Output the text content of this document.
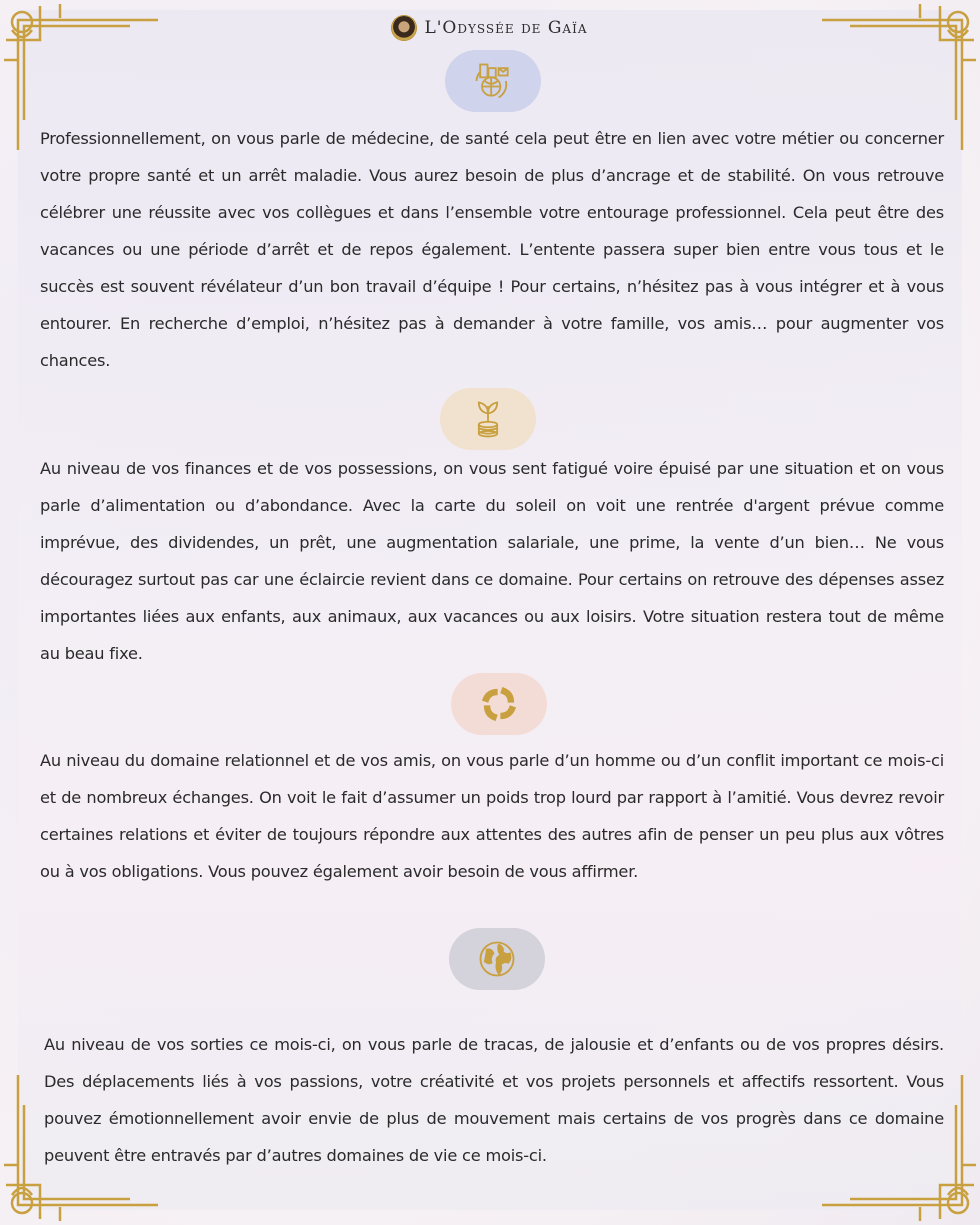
L'Odyssée de Gaïa
Professionnellement, on vous parle de médecine, de santé cela peut être en lien avec votre métier ou concerner votre propre santé et un arrêt maladie. Vous aurez besoin de plus d’ancrage et de stabilité. On vous retrouve célébrer une réussite avec vos collègues et dans l’ensemble votre entourage professionnel. Cela peut être des vacances ou une période d’arrêt et de repos également. L’entente passera super bien entre vous tous et le succès est souvent révélateur d’un bon travail d’équipe ! Pour certains, n’hésitez pas à vous intégrer et à vous entourer. En recherche d’emploi, n’hésitez pas à demander à votre famille, vos amis… pour augmenter vos chances.
Au niveau de vos finances et de vos possessions, on vous sent fatigué voire épuisé par une situation et on vous parle d’alimentation ou d’abondance. Avec la carte du soleil on voit une rentrée d'argent prévue comme imprévue, des dividendes, un prêt, une augmentation salariale, une prime, la vente d’un bien… Ne vous découragez surtout pas car une éclaircie revient dans ce domaine. Pour certains on retrouve des dépenses assez importantes liées aux enfants, aux animaux, aux vacances ou aux loisirs. Votre situation restera tout de même au beau fixe.
Au niveau du domaine relationnel et de vos amis, on vous parle d’un homme ou d’un conflit important ce mois-ci et de nombreux échanges. On voit le fait d’assumer un poids trop lourd par rapport à l’amitié. Vous devrez revoir certaines relations et éviter de toujours répondre aux attentes des autres afin de penser un peu plus aux vôtres ou à vos obligations. Vous pouvez également avoir besoin de vous affirmer.
Au niveau de vos sorties ce mois-ci, on vous parle de tracas, de jalousie et d’enfants ou de vos propres désirs. Des déplacements liés à vos passions, votre créativité et vos projets personnels et affectifs ressortent. Vous pouvez émotionnellement avoir envie de plus de mouvement mais certains de vos progrès dans ce domaine peuvent être entravés par d’autres domaines de vie ce mois-ci.
